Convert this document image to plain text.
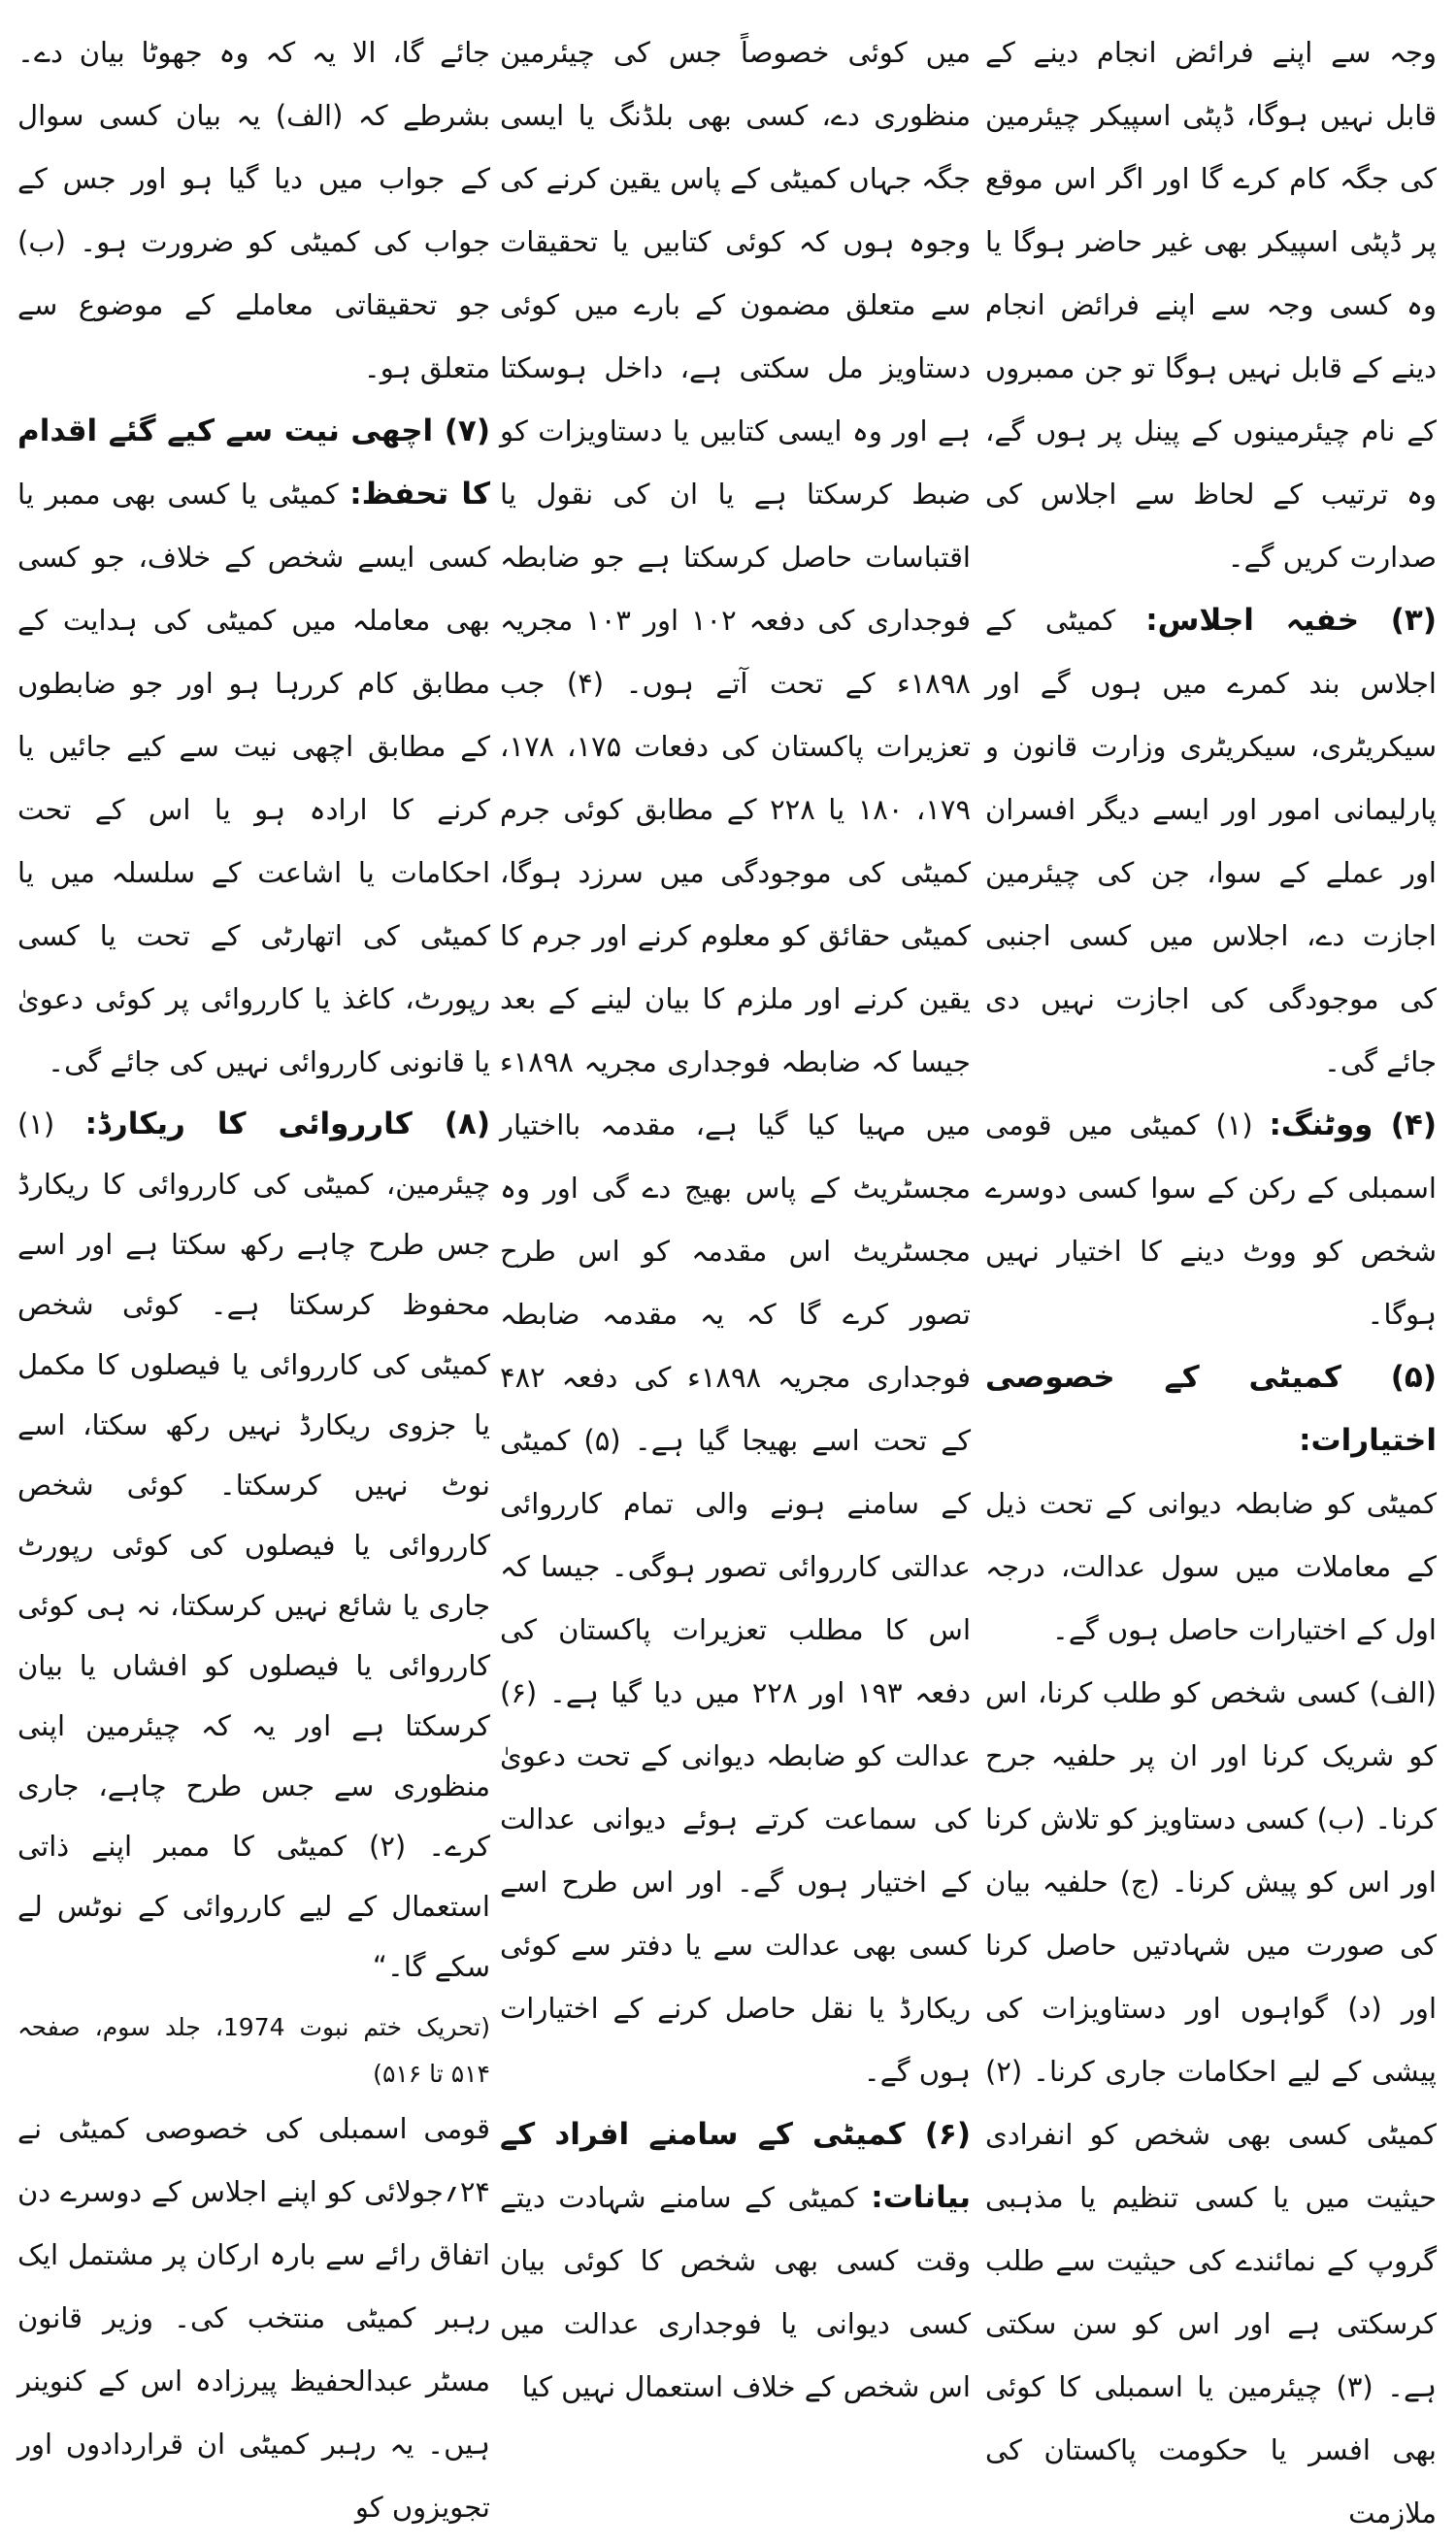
وجہ سے اپنے فرائض انجام دینے کے قابل نہیں ہوگا، ڈپٹی اسپیکر چیئرمین کی جگہ کام کرے گا اور اگر اس موقع پر ڈپٹی اسپیکر بھی غیر حاضر ہوگا یا وہ کسی وجہ سے اپنے فرائض انجام دینے کے قابل نہیں ہوگا تو جن ممبروں کے نام چیئرمینوں کے پینل پر ہوں گے، وہ ترتیب کے لحاظ سے اجلاس کی صدارت کریں گے۔

(۳) خفیہ اجلاس: کمیٹی کے اجلاس بند کمرے میں ہوں گے اور سیکریٹری، سیکریٹری وزارت قانون و پارلیمانی امور اور ایسے دیگر افسران اور عملے کے سوا، جن کی چیئرمین اجازت دے، اجلاس میں کسی اجنبی کی موجودگی کی اجازت نہیں دی جائے گی۔

(۴) ووٹنگ: (۱) کمیٹی میں قومی اسمبلی کے رکن کے سوا کسی دوسرے شخص کو ووٹ دینے کا اختیار نہیں ہوگا۔

(۵) کمیٹی کے خصوصی اختیارات:

کمیٹی کو ضابطہ دیوانی کے تحت ذیل کے معاملات میں سول عدالت، درجہ اول کے اختیارات حاصل ہوں گے۔

(الف) کسی شخص کو طلب کرنا، اس کو شریک کرنا اور ان پر حلفیہ جرح کرنا۔ (ب) کسی دستاویز کو تلاش کرنا اور اس کو پیش کرنا۔ (ج) حلفیہ بیان کی صورت میں شہادتیں حاصل کرنا اور (د) گواہوں اور دستاویزات کی پیشی کے لیے احکامات جاری کرنا۔ (۲) کمیٹی کسی بھی شخص کو انفرادی حیثیت میں یا کسی تنظیم یا مذہبی گروپ کے نمائندے کی حیثیت سے طلب کرسکتی ہے اور اس کو سن سکتی ہے۔ (۳) چیئرمین یا اسمبلی کا کوئی بھی افسر یا حکومت پاکستان کی ملازمت

میں کوئی خصوصاً جس کی چیئرمین منظوری دے، کسی بھی بلڈنگ یا ایسی جگہ جہاں کمیٹی کے پاس یقین کرنے کی وجوہ ہوں کہ کوئی کتابیں یا تحقیقات سے متعلق مضمون کے بارے میں کوئی دستاویز مل سکتی ہے، داخل ہوسکتا ہے اور وہ ایسی کتابیں یا دستاویزات کو ضبط کرسکتا ہے یا ان کی نقول یا اقتباسات حاصل کرسکتا ہے جو ضابطہ فوجداری کی دفعہ ۱۰۲ اور ۱۰۳ مجریہ ۱۸۹۸ء کے تحت آتے ہوں۔ (۴) جب تعزیرات پاکستان کی دفعات ۱۷۵، ۱۷۸، ۱۷۹، ۱۸۰ یا ۲۲۸ کے مطابق کوئی جرم کمیٹی کی موجودگی میں سرزد ہوگا، کمیٹی حقائق کو معلوم کرنے اور جرم کا یقین کرنے اور ملزم کا بیان لینے کے بعد جیسا کہ ضابطہ فوجداری مجریہ ۱۸۹۸ء میں مہیا کیا گیا ہے، مقدمہ بااختیار مجسٹریٹ کے پاس بھیج دے گی اور وہ مجسٹریٹ اس مقدمہ کو اس طرح تصور کرے گا کہ یہ مقدمہ ضابطہ فوجداری مجریہ ۱۸۹۸ء کی دفعہ ۴۸۲ کے تحت اسے بھیجا گیا ہے۔ (۵) کمیٹی کے سامنے ہونے والی تمام کارروائی عدالتی کارروائی تصور ہوگی۔ جیسا کہ اس کا مطلب تعزیرات پاکستان کی دفعہ ۱۹۳ اور ۲۲۸ میں دیا گیا ہے۔ (۶) عدالت کو ضابطہ دیوانی کے تحت دعویٰ کی سماعت کرتے ہوئے دیوانی عدالت کے اختیار ہوں گے۔ اور اس طرح اسے کسی بھی عدالت سے یا دفتر سے کوئی ریکارڈ یا نقل حاصل کرنے کے اختیارات ہوں گے۔

(۶) کمیٹی کے سامنے افراد کے بیانات: کمیٹی کے سامنے شہادت دیتے وقت کسی بھی شخص کا کوئی بیان کسی دیوانی یا فوجداری عدالت میں اس شخص کے خلاف استعمال نہیں کیا

جائے گا، الا یہ کہ وہ جھوٹا بیان دے۔ بشرطے کہ (الف) یہ بیان کسی سوال کے جواب میں دیا گیا ہو اور جس کے جواب کی کمیٹی کو ضرورت ہو۔ (ب) جو تحقیقاتی معاملے کے موضوع سے متعلق ہو۔

(۷) اچھی نیت سے کیے گئے اقدام کا تحفظ: کمیٹی یا کسی بھی ممبر یا کسی ایسے شخص کے خلاف، جو کسی بھی معاملہ میں کمیٹی کی ہدایت کے مطابق کام کررہا ہو اور جو ضابطوں کے مطابق اچھی نیت سے کیے جائیں یا کرنے کا ارادہ ہو یا اس کے تحت احکامات یا اشاعت کے سلسلہ میں یا کمیٹی کی اتھارٹی کے تحت یا کسی رپورٹ، کاغذ یا کارروائی پر کوئی دعویٰ یا قانونی کارروائی نہیں کی جائے گی۔

(۸) کارروائی کا ریکارڈ: (۱) چیئرمین، کمیٹی کی کارروائی کا ریکارڈ جس طرح چاہے رکھ سکتا ہے اور اسے محفوظ کرسکتا ہے۔ کوئی شخص کمیٹی کی کارروائی یا فیصلوں کا مکمل یا جزوی ریکارڈ نہیں رکھ سکتا، اسے نوٹ نہیں کرسکتا۔ کوئی شخص کارروائی یا فیصلوں کی کوئی رپورٹ جاری یا شائع نہیں کرسکتا، نہ ہی کوئی کارروائی یا فیصلوں کو افشاں یا بیان کرسکتا ہے اور یہ کہ چیئرمین اپنی منظوری سے جس طرح چاہے، جاری کرے۔ (۲) کمیٹی کا ممبر اپنے ذاتی استعمال کے لیے کارروائی کے نوٹس لے سکے گا۔“

(تحریک ختم نبوت 1974، جلد سوم، صفحہ ۵۱۴ تا ۵۱۶)

قومی اسمبلی کی خصوصی کمیٹی نے ۲۴؍جولائی کو اپنے اجلاس کے دوسرے دن اتفاق رائے سے بارہ ارکان پر مشتمل ایک رہبر کمیٹی منتخب کی۔ وزیر قانون مسٹر عبدالحفیظ پیرزادہ اس کے کنوینر ہیں۔ یہ رہبر کمیٹی ان قراردادوں اور تجویزوں کو
